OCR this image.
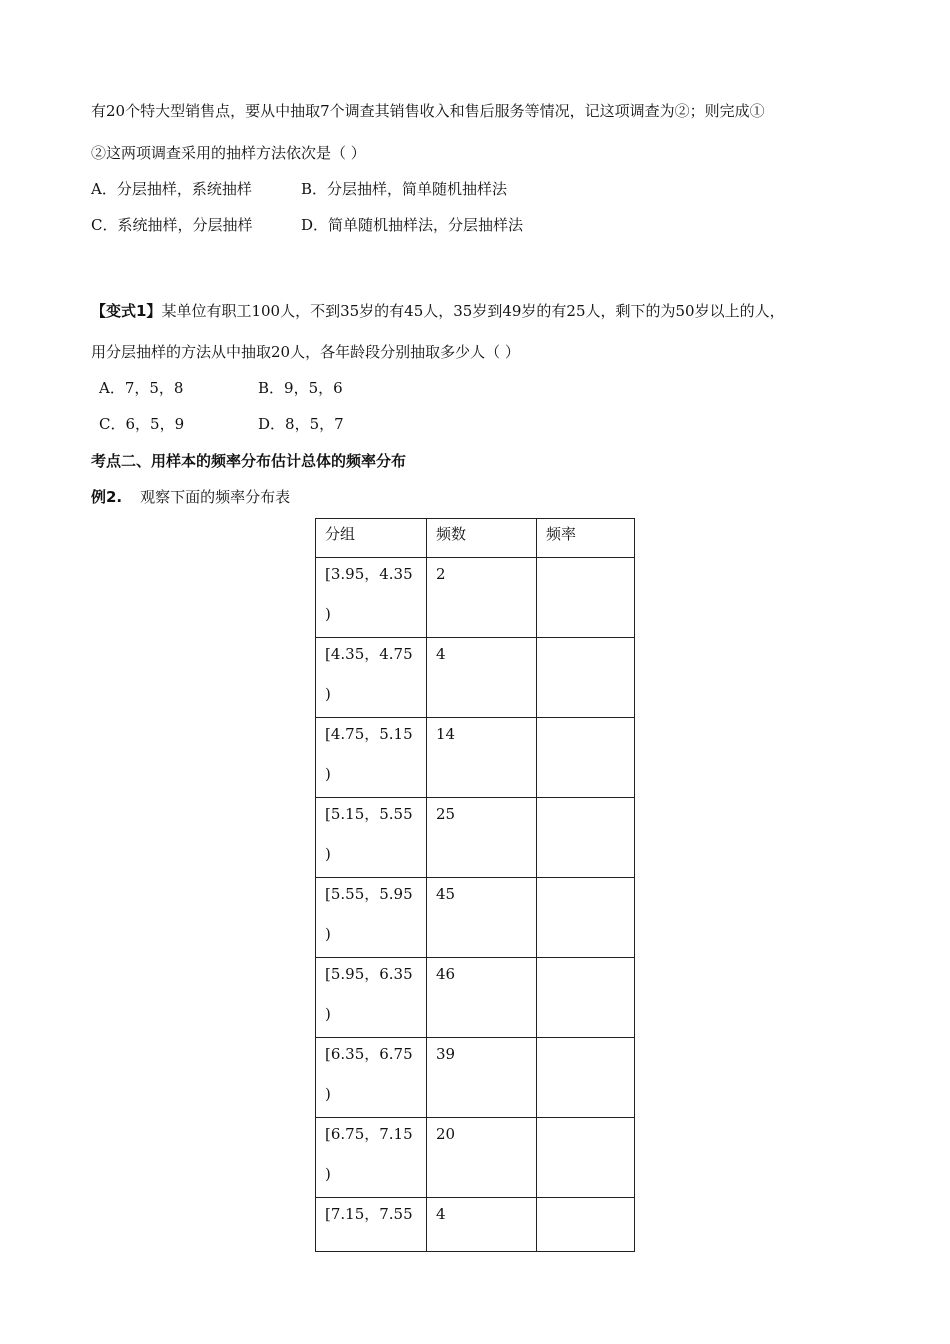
有20个特大型销售点，要从中抽取7个调查其销售收入和售后服务等情况，记这项调查为②；则完成①
②这两项调查采用的抽样方法依次是（ ）
A．分层抽样，系统抽样	B．分层抽样，简单随机抽样法
C．系统抽样，分层抽样	D．简单随机抽样法，分层抽样法
【变式1】某单位有职工100人，不到35岁的有45人，35岁到49岁的有25人，剩下的为50岁以上的人，
用分层抽样的方法从中抽取20人，各年龄段分别抽取多少人（ ）
A．7，5，8	B．9，5，6
C．6，5，9	D．8，5，7
考点二、用样本的频率分布估计总体的频率分布
例2. 观察下面的频率分布表
分组	频数	频率

[3.95，4.35
)	2	

[4.35，4.75
)	4	

[4.75，5.15
)	14	

[5.15，5.55
)	25	

[5.55，5.95
)	45	

[5.95，6.35
)	46	

[6.35，6.75
)	39	

[6.75，7.15
)	20	

[7.15，7.55	4	
